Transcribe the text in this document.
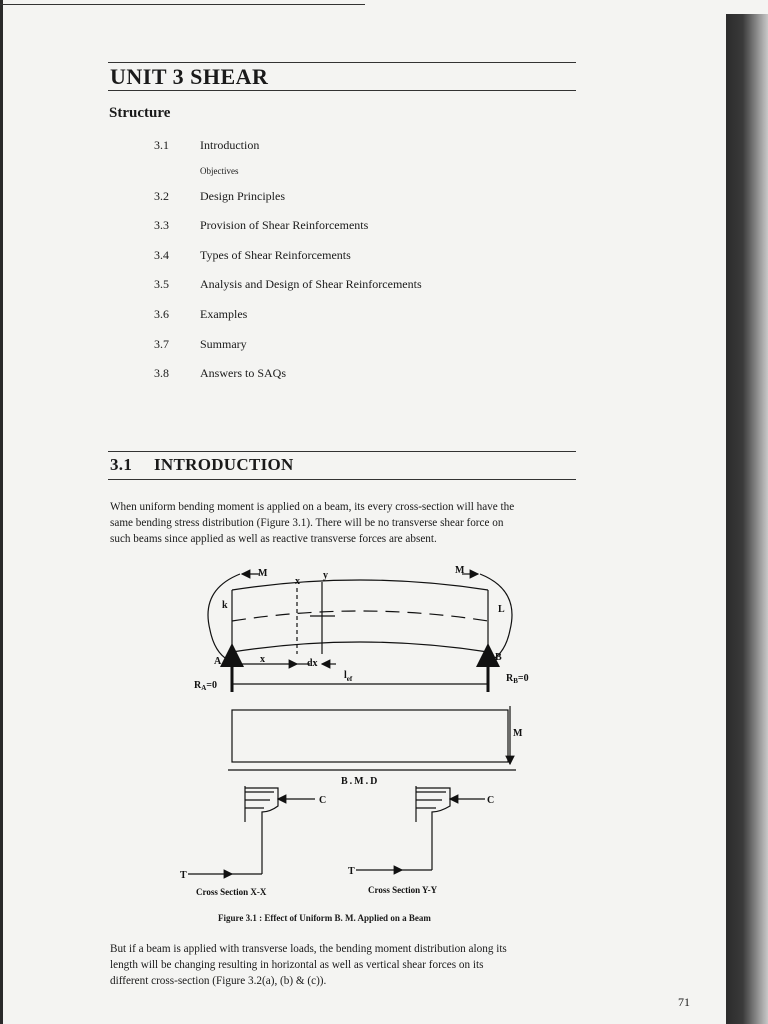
UNIT 3 SHEAR
Structure
3.1	Introduction
Objectives
3.2	Design Principles
3.3	Provision of Shear Reinforcements
3.4	Types of Shear Reinforcements
3.5	Analysis and Design of Shear Reinforcements
3.6	Examples
3.7	Summary
3.8	Answers to SAQs
3.1 INTRODUCTION

When uniform bending moment is applied on a beam, its every cross-section will have the
same bending stress distribution (Figure 3.1). There will be no transverse shear force on
such beams since applied as well as reactive transverse forces are absent.

M	M
x
y
k	L
A	B
x	dx
$l_{ef}$
$R_A=0$
$R_B=0$
M
B.M.D
C	C
T	T
Cross Section X-X	Cross Section Y-Y
Figure 3.1 : Effect of Uniform B. M. Applied on a Beam

But if a beam is applied with transverse loads, the bending moment distribution along its
length will be changing resulting in horizontal as well as vertical shear forces on its
different cross-section (Figure 3.2(a), (b) & (c)).

71
